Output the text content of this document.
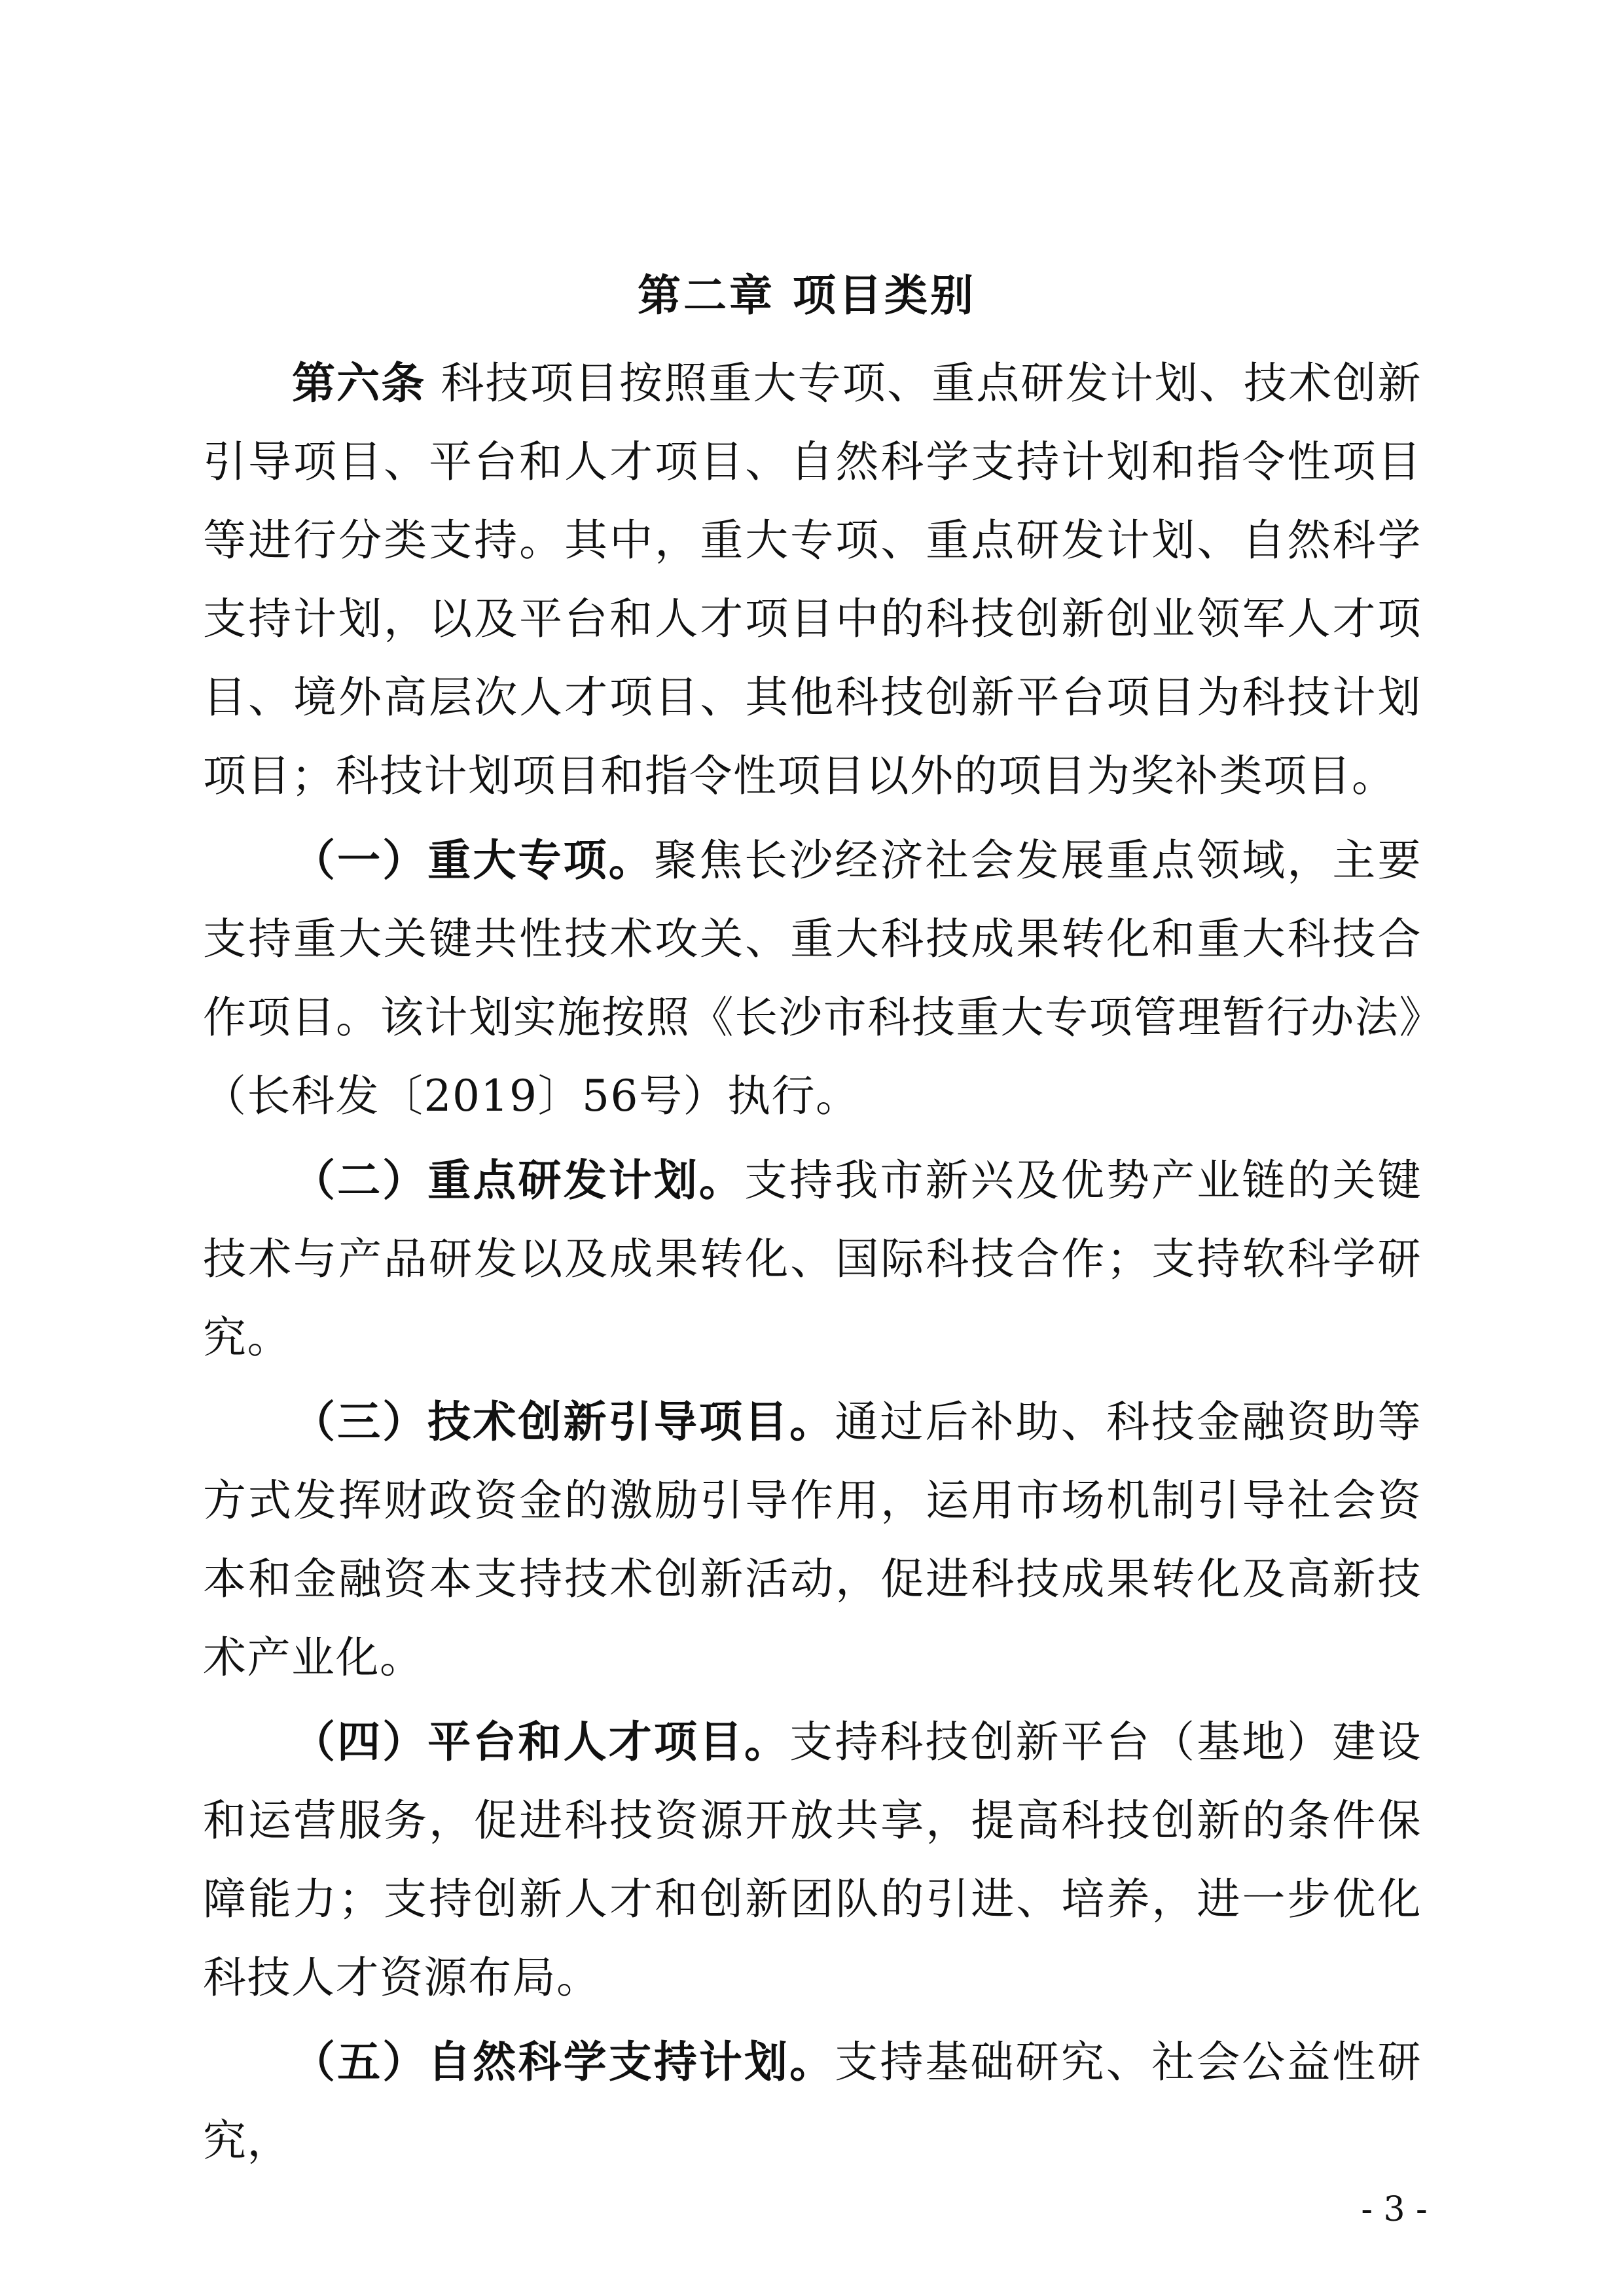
第二章 项目类别

第六条 科技项目按照重大专项、重点研发计划、技术创新引导项目、平台和人才项目、自然科学支持计划和指令性项目等进行分类支持。其中，重大专项、重点研发计划、自然科学支持计划，以及平台和人才项目中的科技创新创业领军人才项目、境外高层次人才项目、其他科技创新平台项目为科技计划项目；科技计划项目和指令性项目以外的项目为奖补类项目。

（一）重大专项。聚焦长沙经济社会发展重点领域，主要支持重大关键共性技术攻关、重大科技成果转化和重大科技合作项目。该计划实施按照《长沙市科技重大专项管理暂行办法》（长科发〔2019〕56号）执行。

（二）重点研发计划。支持我市新兴及优势产业链的关键技术与产品研发以及成果转化、国际科技合作；支持软科学研究。

（三）技术创新引导项目。通过后补助、科技金融资助等方式发挥财政资金的激励引导作用，运用市场机制引导社会资本和金融资本支持技术创新活动，促进科技成果转化及高新技术产业化。

（四）平台和人才项目。支持科技创新平台（基地）建设和运营服务，促进科技资源开放共享，提高科技创新的条件保障能力；支持创新人才和创新团队的引进、培养，进一步优化科技人才资源布局。

（五）自然科学支持计划。支持基础研究、社会公益性研究，

- 3 -
